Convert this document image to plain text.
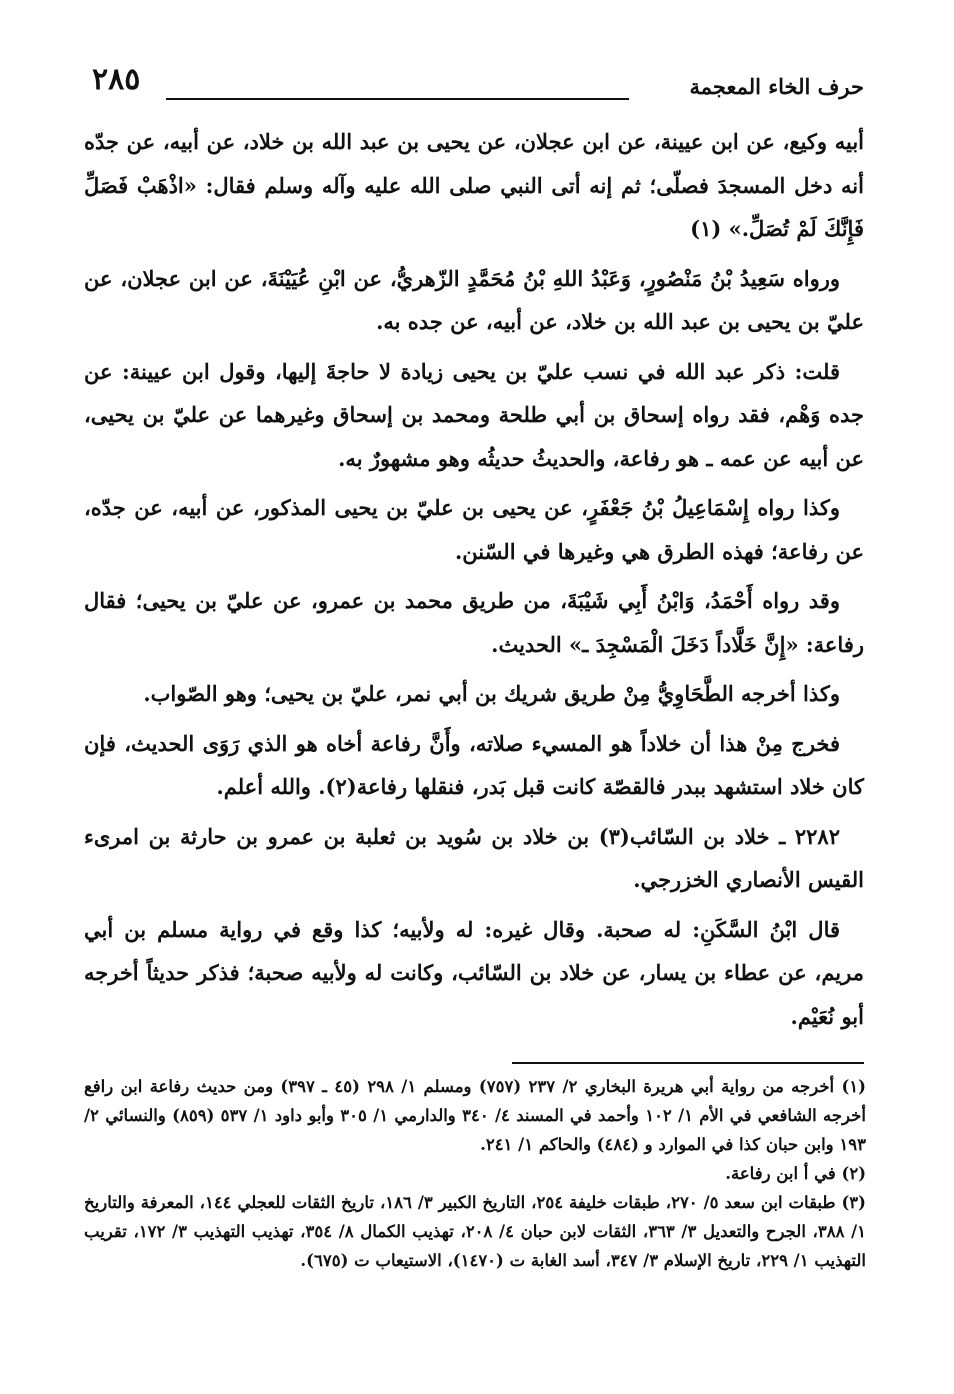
حرف الخاء المعجمة
٢٨٥

أبيه وكيع، عن ابن عيينة، عن ابن عجلان، عن يحيى بن عبد الله بن خلاد، عن أبيه، عن جدّه أنه دخل المسجدَ فصلّى؛ ثم إنه أتى النبي صلى الله عليه وآله وسلم فقال: «اذْهَبْ فَصَلِّ فَإِنَّكَ لَمْ تُصَلِّ.» (١)

ورواه سَعِيدُ بْنُ مَنْصُورٍ، وَعَبْدُ اللهِ بْنُ مُحَمَّدٍ الزّهريُّ، عن ابْنِ عُيَيْنَةَ، عن ابن عجلان، عن عليّ بن يحيى بن عبد الله بن خلاد، عن أبيه، عن جده به.

قلت: ذكر عبد الله في نسب عليّ بن يحيى زيادة لا حاجةَ إليها، وقول ابن عيينة: عن جده وَهْم، فقد رواه إسحاق بن أبي طلحة ومحمد بن إسحاق وغيرهما عن عليّ بن يحيى، عن أبيه عن عمه ـ هو رفاعة، والحديثُ حديثُه وهو مشهورٌ به.

وكذا رواه إِسْمَاعِيلُ بْنُ جَعْفَرٍ، عن يحيى بن عليّ بن يحيى المذكور، عن أبيه، عن جدّه، عن رفاعة؛ فهذه الطرق هي وغيرها في السّنن.

وقد رواه أَحْمَدُ، وَابْنُ أَبِي شَيْبَةَ، من طريق محمد بن عمرو، عن عليّ بن يحيى؛ فقال رفاعة: «إِنَّ خَلَّاداً دَخَلَ الْمَسْجِدَ ـ» الحديث.

وكذا أخرجه الطَّحَاوِيُّ مِنْ طريق شريك بن أبي نمر، عليّ بن يحيى؛ وهو الصّواب.

فخرج مِنْ هذا أن خلاداً هو المسيء صلاته، وأَنَّ رفاعة أخاه هو الذي رَوَى الحديث، فإن كان خلاد استشهد ببدر فالقصّة كانت قبل بَدر، فنقلها رفاعة(٢). والله أعلم.

٢٢٨٢ ـ خلاد بن السّائب(٣) بن خلاد بن سُويد بن ثعلبة بن عمرو بن حارثة بن امرىء القيس الأنصاري الخزرجي.

قال ابْنُ السَّكَنِ: له صحبة. وقال غيره: له ولأبيه؛ كذا وقع في رواية مسلم بن أبي مريم، عن عطاء بن يسار، عن خلاد بن السّائب، وكانت له ولأبيه صحبة؛ فذكر حديثاً أخرجه أبو نُعَيْم.

(١) أخرجه من رواية أبي هريرة البخاري ٢/ ٢٣٧ (٧٥٧) ومسلم ١/ ٢٩٨ (٤٥ ـ ٣٩٧) ومن حديث رفاعة ابن رافع أخرجه الشافعي في الأم ١/ ١٠٢ وأحمد في المسند ٤/ ٣٤٠ والدارمي ١/ ٣٠٥ وأبو داود ١/ ٥٣٧ (٨٥٩) والنسائي ٢/ ١٩٣ وابن حبان كذا في الموارد و (٤٨٤) والحاكم ١/ ٢٤١.

(٢) في أ ابن رفاعة.

(٣) طبقات ابن سعد ٥/ ٢٧٠، طبقات خليفة ٢٥٤، التاريخ الكبير ٣/ ١٨٦، تاريخ الثقات للعجلي ١٤٤، المعرفة والتاريخ ١/ ٣٨٨، الجرح والتعديل ٣/ ٣٦٣، الثقات لابن حبان ٤/ ٢٠٨، تهذيب الكمال ٨/ ٣٥٤، تهذيب التهذيب ٣/ ١٧٢، تقريب التهذيب ١/ ٢٢٩، تاريخ الإسلام ٣/ ٣٤٧، أسد الغابة ت (١٤٧٠)، الاستيعاب ت (٦٧٥).
